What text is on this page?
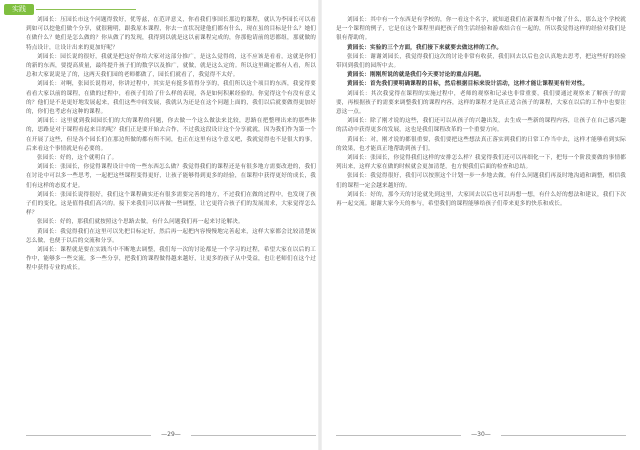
实践

刘园长：压园长市这个问题得敦好，优等兹，在范评意义，你看我们事国长那边的课程，就认为李园长可以看到如可以挖他们做个分享，就很精明，跟我原本课程，你去一直状况建他们都有什么，现在虽的目标是什么？她们在做什么？她们是怎么做的？你从做了的发现，我得到以就是这以前课程完成的，你那他请前的思都组，那就做的特点设计，让设计出来的更加好呢？

刘园长：园长说的很好，我就是把这好你给大家对这部分推广，是这么觉得的，这不应该是看看，这就是你们的新的东西，要提高质量，最终提升孩子们的数学以及推广，就做，就是这么定的。所以这里确定都有人看，所以总和大家说说是了的，这两天我们园的老师都做了，园长们就看了，我觉得不太好。

刘园长：对啊，张园长说得对，你讲过程中，其实是有挺多值得分享的，我们所以这个项目的东西，我觉得要看看大家以前的课程，在做的过程中，看孩子们给了什么样的表现，各是如何积累经验的。你觉得这个有没有意义的？他们是不是更好地发展起来，我们这些中间发展，我就认为还是在这个问题上面的，我们以后就要做得更加好的，你们也考虑有这种的课程。

刘园长：这里就到我园园长们的大的课程的问题，你去做一个这么做法来比较，思路在把整理出来的那些体的，思路是对于课程看起来目的呢？我们正是要开始去合作，不过我这段设计这个分享就就，因为我们作为第一个在开展了这些，但是各个园长们在那边所做的都有所不同，也正在这里有这个意义吧，我就觉得也不是很大的事，后来看这个事情就是有必要的。

张园长：好的，这个就明白了。

刘园长：张园长，你觉得课程设计中的一些东西怎么做？我觉得我们的课程还是有很多地方需要改进的，我们在讨论中可以多一些思考，一起把这些课程变得更好，让孩子能够得到更多的经验，在课程中获得更好的成长，我们有这样的态度才是。

刘园长：张园长说得很好，我们这个课程确实还有很多需要完善的地方，不过我们在做的过程中，也发现了孩子们的变化，这是值得我们高兴的。接下来我们可以再做一些调整，让它更符合孩子们的发展需求，大家觉得怎么样？

张园长：好的，那我们就按照这个思路去做，有什么问题我们再一起来讨论解决。

黄园长：我觉得我们在这里可以先把目标定好，然后再一起把内容慢慢地完善起来，这样大家都会比较清楚该怎么做，也便于以后的交流和分享。

刘园长：课程就是要在实践当中不断地去调整，我们每一次的讨论都是一个学习的过程，希望大家在以后的工作中，能够多一些交流，多一些分享，把我们的课程做得越来越好，让更多的孩子从中受益，也让老师们在这个过程中获得专业的成长。

刘园长：其中有一个东西是有学校的，你一看这个名字，就知道我们在新课程当中做了什么，那么这个学校就是一个课程的例子，它是在这个课程里面把孩子的生活经验和游戏结合在一起的，所以我觉得这样的经验对我们是很有帮助的。

黄园长：实验的三个方面，我们接下来就要去做这样的工作。

张园长：谢谢刘园长，我觉得我们这次的讨论非常有收获，我们回去以后也会认真地去思考，把这些好的经验带回到我们的园所中去。

黄园长：刚刚所说的就是我们今天要讨论的重点问题。

黄园长：首先我们要明确课程的目标，然后根据目标来设计活动，这样才能让课程更有针对性。

刘园长：其次我觉得在课程的实施过程中，老师的观察和记录也非常重要，我们要通过观察来了解孩子的需要，再根据孩子的需要来调整我们的课程内容，这样的课程才是真正适合孩子的课程，大家在以后的工作中也要注意这一点。

刘园长：除了刚才说的这些，我们还可以从孩子的兴趣出发，去生成一些新的课程内容，让孩子在自己感兴趣的活动中获得更多的发展，这也是我们课程改革的一个重要方向。

黄园长：对，刚才说的都很重要，我们要把这些想法真正落实到我们的日常工作当中去，这样才能够看到实际的效果，也才能真正地帮助到孩子们。

刘园长：张园长，你觉得我们这样的安排怎么样？我觉得我们还可以再细化一下，把每一个阶段要做的事情都列出来，这样大家在做的时候就会更加清楚，也方便我们后面的检查和总结。

张园长：我觉得很好，我们可以按照这个计划一步一步地去做，有什么问题我们再及时地沟通和调整，相信我们的课程一定会越来越好的。

刘园长：好的，那今天的讨论就先到这里，大家回去以后也可以再想一想，有什么好的想法和建议，我们下次再一起交流。谢谢大家今天的参与，希望我们的课程能够给孩子们带来更多的快乐和成长。

—29—	—30—
